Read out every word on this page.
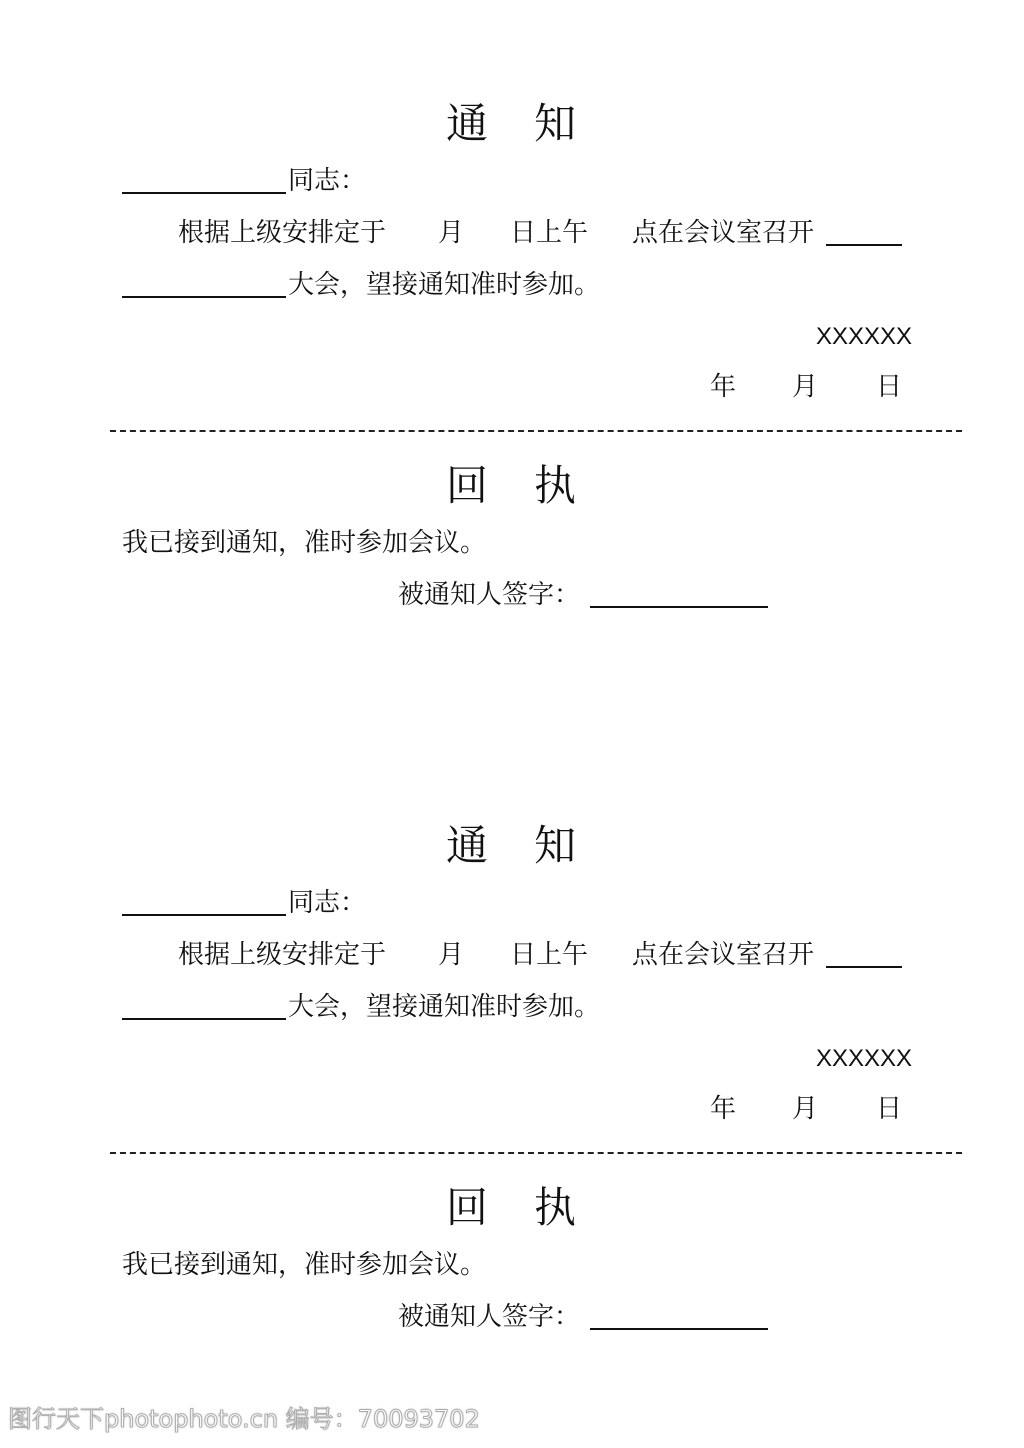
通 知
同志：
根据上级安排定于 月 日上午 点在会议室召开
大会，望接通知准时参加。
XXXXXX
年 月 日
回 执
我已接到通知，准时参加会议。
被通知人签字：
通 知
同志：
根据上级安排定于 月 日上午 点在会议室召开
大会，望接通知准时参加。
XXXXXX
年 月 日
回 执
我已接到通知，准时参加会议。
被通知人签字：
图行天下photophoto.cn 编号：70093702
